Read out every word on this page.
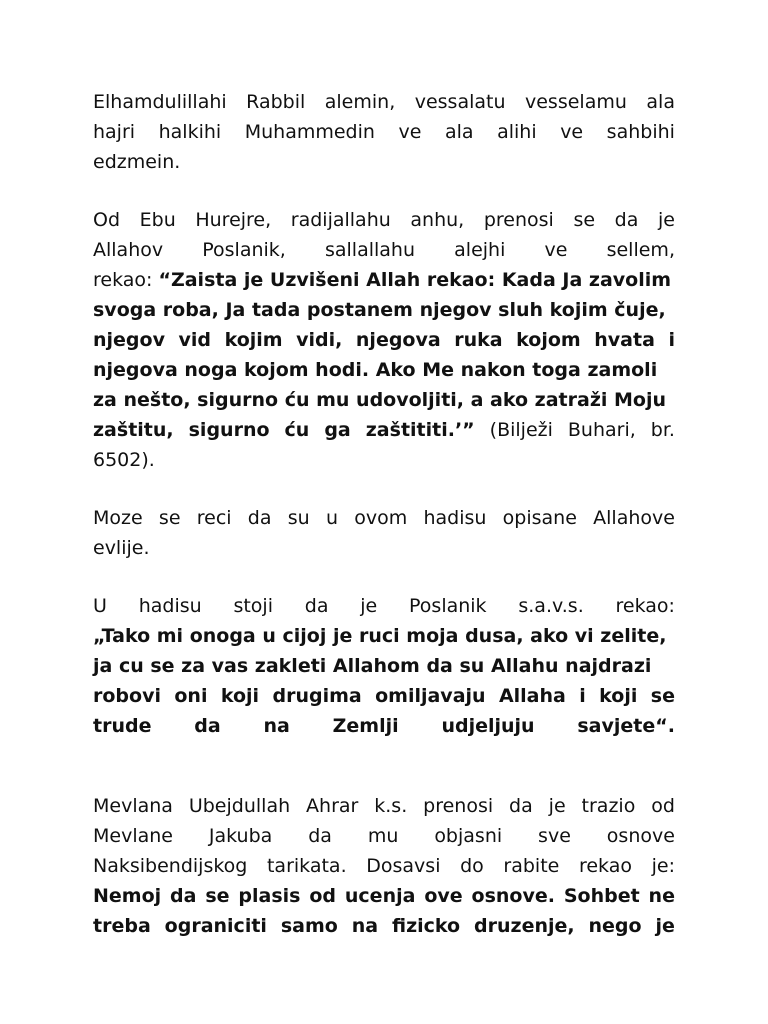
Elhamdulillahi Rabbil alemin, vessalatu vesselamu ala
hajri halkihi Muhammedin ve ala alihi ve sahbihi
edzmein.
Od Ebu Hurejre, radijallahu anhu, prenosi se da je
Allahov Poslanik, sallallahu alejhi ve sellem,
rekao: “Zaista je Uzvišeni Allah rekao: Kada Ja zavolim
svoga roba, Ja tada postanem njegov sluh kojim čuje,
njegov vid kojim vidi, njegova ruka kojom hvata i
njegova noga kojom hodi. Ako Me nakon toga zamoli
za nešto, sigurno ću mu udovoljiti, a ako zatraži Moju
zaštitu, sigurno ću ga zaštititi.’” (Bilježi Buhari, br.
6502).
Moze se reci da su u ovom hadisu opisane Allahove
evlije.
U hadisu stoji da je Poslanik s.a.v.s. rekao:
„Tako mi onoga u cijoj je ruci moja dusa, ako vi zelite,
ja cu se za vas zakleti Allahom da su Allahu najdrazi
robovi oni koji drugima omiljavaju Allaha i koji se
trude da na Zemlji udjeljuju savjete“.
Mevlana Ubejdullah Ahrar k.s. prenosi da je trazio od
Mevlane Jakuba da mu objasni sve osnove
Naksibendijskog tarikata. Dosavsi do rabite rekao je:
Nemoj da se plasis od ucenja ove osnove. Sohbet ne
treba ograniciti samo na fizicko druzenje, nego je
